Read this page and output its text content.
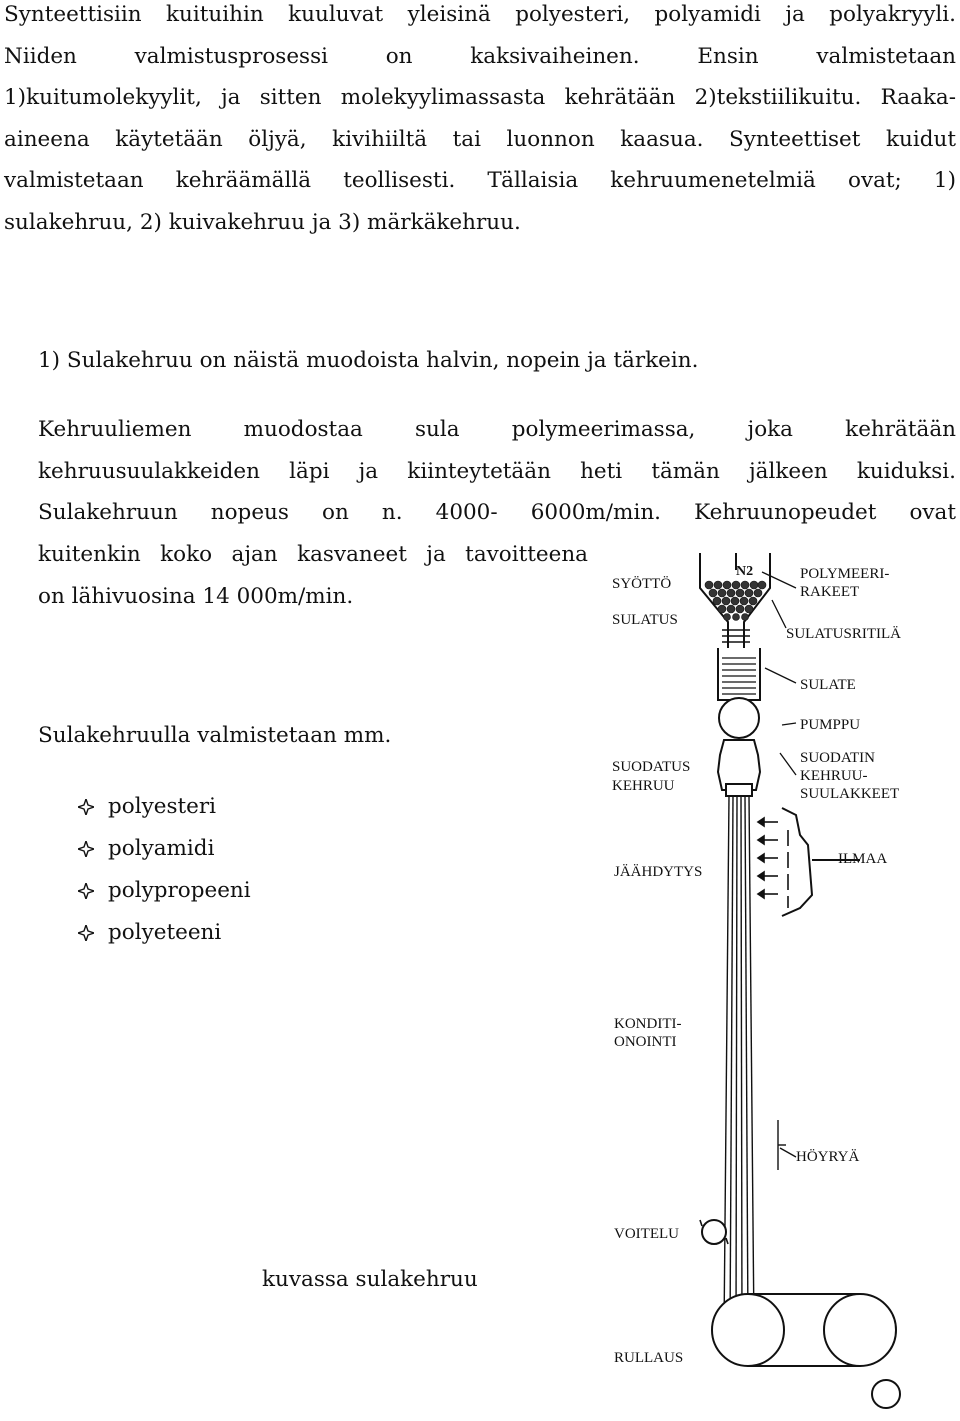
Synteettisiin kuituihin kuuluvat yleisinä polyesteri, polyamidi ja polyakryyli.
Niiden valmistusprosessi on kaksivaiheinen. Ensin valmistetaan
1)kuitumolekyylit, ja sitten molekyylimassasta kehrätään 2)tekstiilikuitu. Raaka-
aineena käytetään öljyä, kivihiiltä tai luonnon kaasua. Synteettiset kuidut
valmistetaan kehräämällä teollisesti. Tällaisia kehruumenetelmiä ovat; 1)
sulakehruu, 2) kuivakehruu ja 3) märkäkehruu.
1) Sulakehruu on näistä muodoista halvin, nopein ja tärkein.
Kehruuliemen muodostaa sula polymeerimassa, joka kehrätään
kehruusuulakkeiden läpi ja kiinteytetään heti tämän jälkeen kuiduksi.
Sulakehruun nopeus on n. 4000- 6000m/min. Kehruunopeudet ovat
kuitenkin koko ajan kasvaneet ja tavoitteena
on lähivuosina 14 000m/min.
Sulakehruulla valmistetaan mm.
polyesteri
polyamidi
polypropeeni
polyeteeni
kuvassa sulakehruu
SYÖTTÖ
SULATUS
SUODATUS
KEHRUU
JÄÄHDYTYS
KONDITI-
ONOINTI
VOITELU
RULLAUS
N2	POLYMEERI-
RAKEET
SULATUSRITILÄ
SULATE
PUMPPU
SUODATIN
KEHRUU-
SUULAKKEET
ILMAA
HÖYRYÄ
